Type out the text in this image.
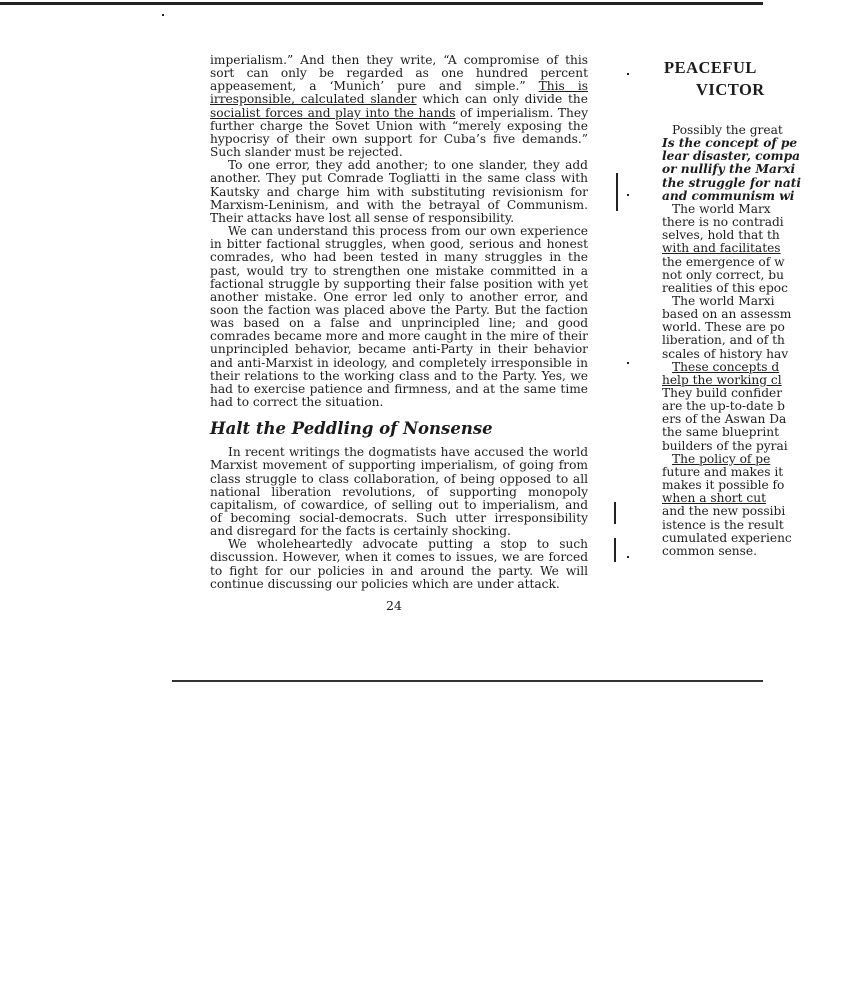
imperialism.” And then they write, “A compromise of this sort can only be regarded as one hundred percent appeasement, a ‘Munich’ pure and simple.” This is irresponsible, calculated slander which can only divide the socialist forces and play into the hands of imperialism. They further charge the Sovet Union with “merely exposing the hypocrisy of their own support for Cuba’s five demands.” Such slander must be rejected.

To one error, they add another; to one slander, they add another. They put Comrade Togliatti in the same class with Kautsky and charge him with substituting revisionism for Marxism-Leninism, and with the betrayal of Communism. Their attacks have lost all sense of responsibility.

We can understand this process from our own experience in bitter factional struggles, when good, serious and honest comrades, who had been tested in many struggles in the past, would try to strengthen one mistake committed in a factional struggle by supporting their false position with yet another mistake. One error led only to another error, and soon the faction was placed above the Party. But the faction was based on a false and unprincipled line; and good comrades became more and more caught in the mire of their unprincipled behavior, became anti-Party in their behavior and anti-Marxist in ideology, and completely irresponsible in their relations to the working class and to the Party. Yes, we had to exercise patience and firmness, and at the same time had to correct the situation.

Halt the Peddling of Nonsense

In recent writings the dogmatists have accused the world Marxist movement of supporting imperialism, of going from class struggle to class collaboration, of being opposed to all national liberation revolutions, of supporting monopoly capitalism, of cowardice, of selling out to imperialism, and of becoming social-democrats. Such utter irresponsibility and disregard for the facts is certainly shocking.

We wholeheartedly advocate putting a stop to such discussion. However, when it comes to issues, we are forced to fight for our policies in and around the party. We will continue discussing our policies which are under attack.

24
PEACEFUL
VICTOR
Possibly the great
Is the concept of pe
lear disaster, compa
or nullify the Marxi
the struggle for nati
and communism wi
The world Marx
there is no contradi
selves, hold that th
with and facilitates
the emergence of w
not only correct, bu
realities of this epoc
The world Marxi
based on an assessm
world. These are po
liberation, and of th
scales of history hav
These concepts d
help the working cl
They build confider
are the up-to-date b
ers of the Aswan Da
the same blueprint
builders of the pyrai
The policy of pe
future and makes it
makes it possible fo
when a short cut
and the new possibi
istence is the result
cumulated experienc
common sense.
